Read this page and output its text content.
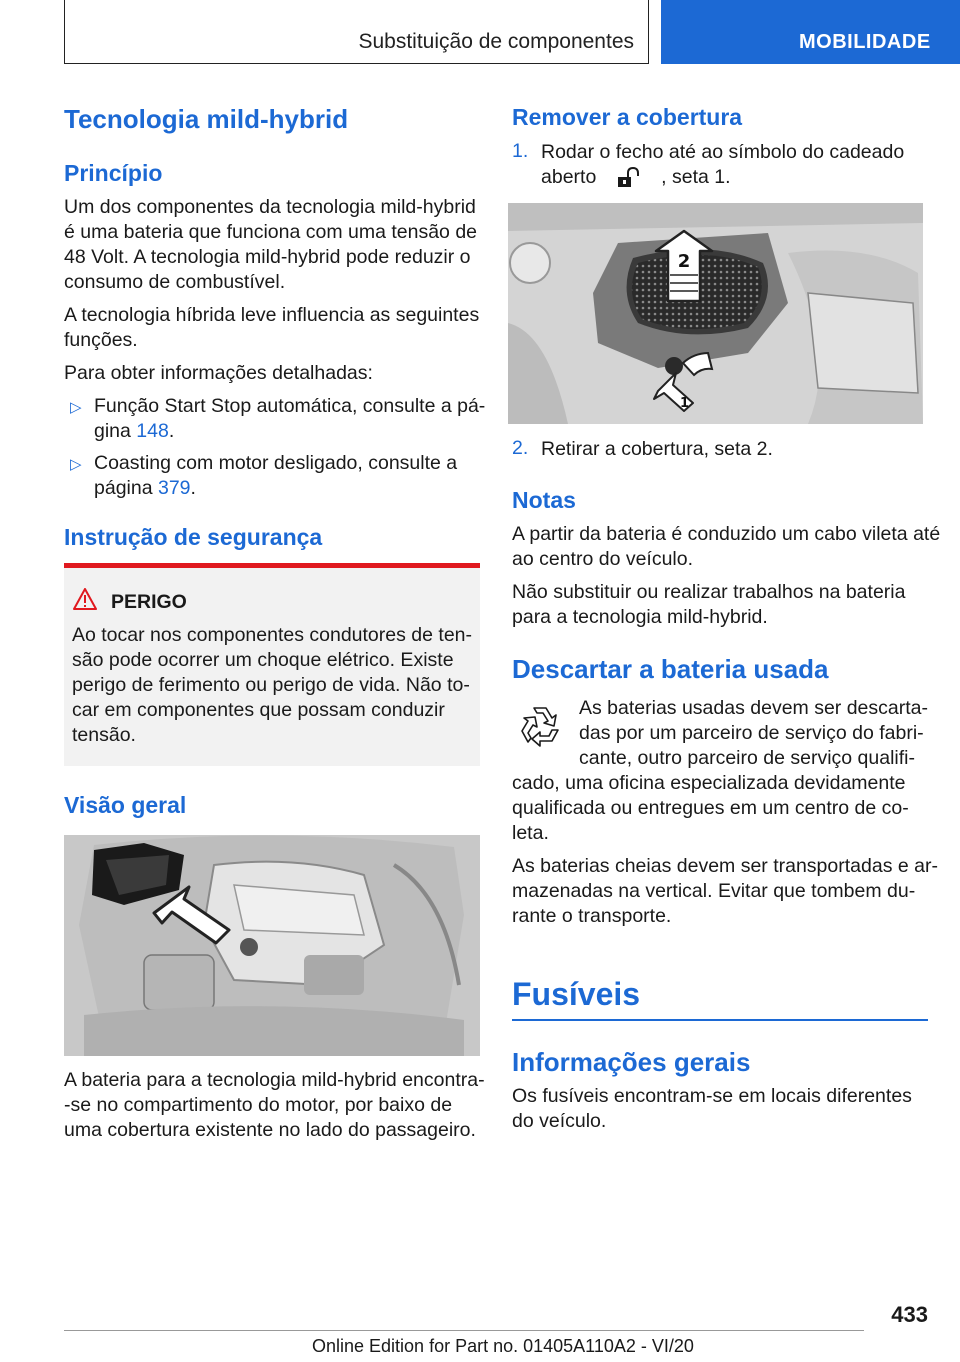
Substituição de componentes	MOBILIDADE
Tecnologia mild-hybrid
Princípio
Um dos componentes da tecnologia mild-hybrid
é uma bateria que funciona com uma tensão de
48 Volt. A tecnologia mild-hybrid pode reduzir o
consumo de combustível.
A tecnologia híbrida leve influencia as seguintes
funções.
Para obter informações detalhadas:
▷ Função Start Stop automática, consulte a pá-
gina 148.
▷ Coasting com motor desligado, consulte a
página 379.
Instrução de segurança
PERIGO
Ao tocar nos componentes condutores de ten-
são pode ocorrer um choque elétrico. Existe
perigo de ferimento ou perigo de vida. Não to-
car em componentes que possam conduzir
tensão.
Visão geral
A bateria para a tecnologia mild-hybrid encontra-
-se no compartimento do motor, por baixo de
uma cobertura existente no lado do passageiro.
Remover a cobertura
1. Rodar o fecho até ao símbolo do cadeado
aberto	, seta 1.
2
1
2. Retirar a cobertura, seta 2.
Notas
A partir da bateria é conduzido um cabo vileta até
ao centro do veículo.
Não substituir ou realizar trabalhos na bateria
para a tecnologia mild-hybrid.
Descartar a bateria usada
As baterias usadas devem ser descarta-
das por um parceiro de serviço do fabri-
cante, outro parceiro de serviço qualifi-
cado, uma oficina especializada devidamente
qualificada ou entregues em um centro de co-
leta.
As baterias cheias devem ser transportadas e ar-
mazenadas na vertical. Evitar que tombem du-
rante o transporte.
Fusíveis
Informações gerais
Os fusíveis encontram-se em locais diferentes
do veículo.
433
Online Edition for Part no. 01405A110A2 - VI/20
